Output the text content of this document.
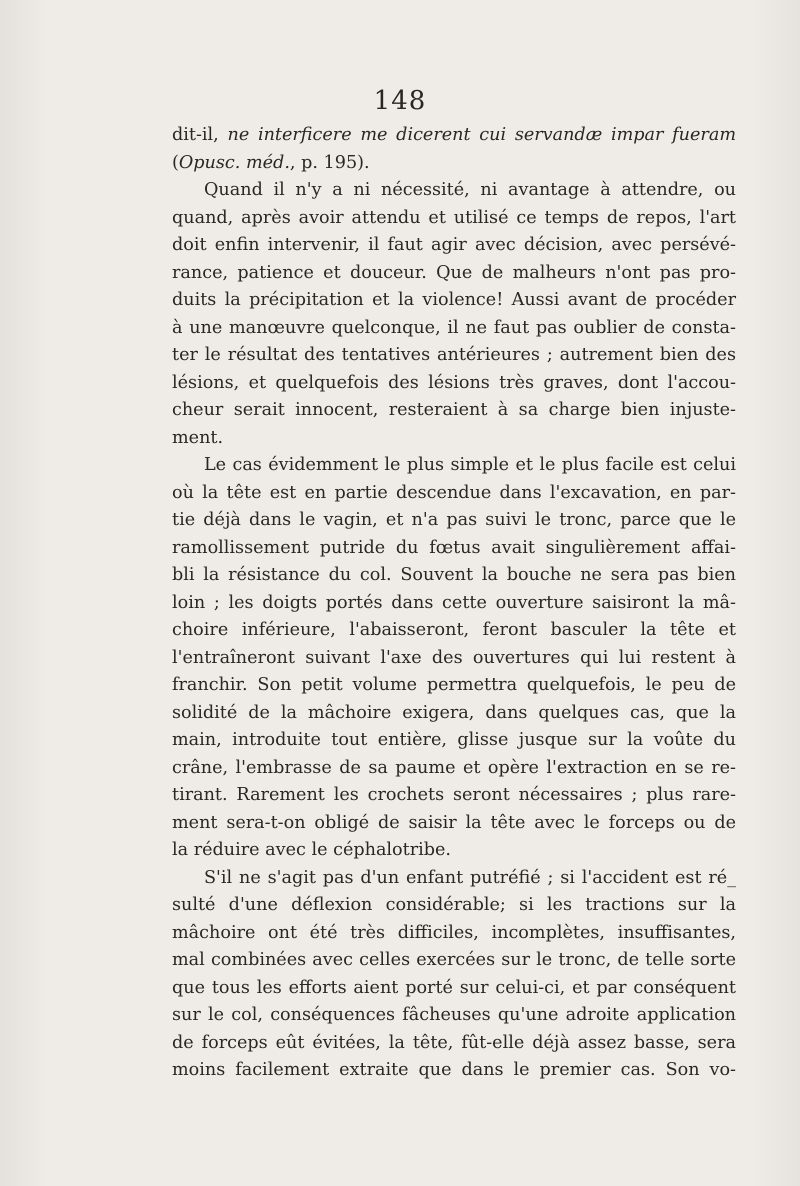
148
dit-il, ne interficere me dicerent cui servandæ impar fueram
(Opusc. méd., p. 195).
Quand il n'y a ni nécessité, ni avantage à attendre, ou
quand, après avoir attendu et utilisé ce temps de repos, l'art
doit enfin intervenir, il faut agir avec décision, avec persévé-
rance, patience et douceur. Que de malheurs n'ont pas pro-
duits la précipitation et la violence! Aussi avant de procéder
à une manœuvre quelconque, il ne faut pas oublier de consta-
ter le résultat des tentatives antérieures ; autrement bien des
lésions, et quelquefois des lésions très graves, dont l'accou-
cheur serait innocent, resteraient à sa charge bien injuste-
ment.
Le cas évidemment le plus simple et le plus facile est celui
où la tête est en partie descendue dans l'excavation, en par-
tie déjà dans le vagin, et n'a pas suivi le tronc, parce que le
ramollissement putride du fœtus avait singulièrement affai-
bli la résistance du col. Souvent la bouche ne sera pas bien
loin ; les doigts portés dans cette ouverture saisiront la mâ-
choire inférieure, l'abaisseront, feront basculer la tête et
l'entraîneront suivant l'axe des ouvertures qui lui restent à
franchir. Son petit volume permettra quelquefois, le peu de
solidité de la mâchoire exigera, dans quelques cas, que la
main, introduite tout entière, glisse jusque sur la voûte du
crâne, l'embrasse de sa paume et opère l'extraction en se re-
tirant. Rarement les crochets seront nécessaires ; plus rare-
ment sera-t-on obligé de saisir la tête avec le forceps ou de
la réduire avec le céphalotribe.
S'il ne s'agit pas d'un enfant putréfié ; si l'accident est ré_
sulté d'une déflexion considérable; si les tractions sur la
mâchoire ont été très difficiles, incomplètes, insuffisantes,
mal combinées avec celles exercées sur le tronc, de telle sorte
que tous les efforts aient porté sur celui-ci, et par conséquent
sur le col, conséquences fâcheuses qu'une adroite application
de forceps eût évitées, la tête, fût-elle déjà assez basse, sera
moins facilement extraite que dans le premier cas. Son vo-
